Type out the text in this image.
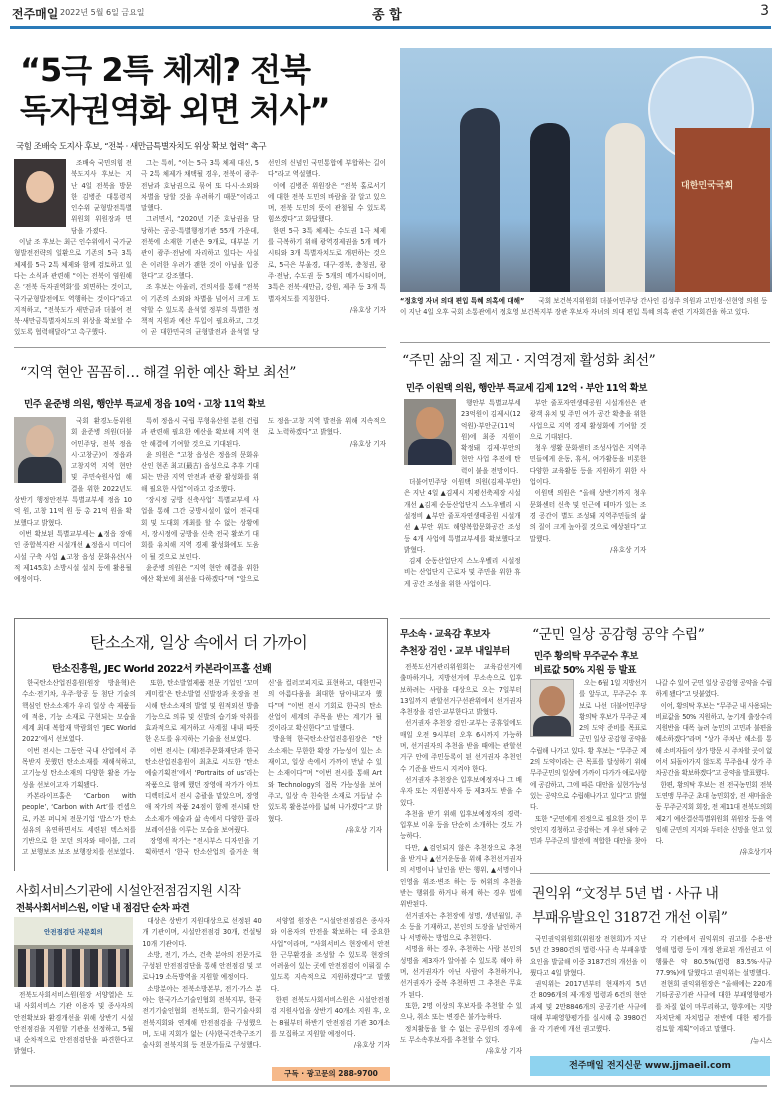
전주매일 2022년 5월 6일 금요일	종 합	3
“5극 2특 체제? 전북
독자권역화 외면 처사”
국힘 조배숙 도지사 후보, “전북 · 새만금특별자치도 위상 확보 협력” 촉구

조배숙 국민의힘 전북도지사 후보는 지난 4일 전북을 방문한 김병준 대통령직인수위 균형발전특별위원회 위원장과 면담을 가졌다.

이날 조 후보는 최근 인수위에서 국가균형발전전략의 일환으로 기존의 5극 3특 체제를 5극 2특 체제와 함께 검토하고 있다는 소식과 관련해 “이는 전북이 염원해온 ‘전북 독자권역화’를 외면하는 것이고, 국가균형발전에도 역행하는 것이다”라고 지적하고, “전북도가 새만금과 더불어 전북·새만금특별자치도의 위상을 확보할 수 있도록 협력해달라”고 촉구했다.

그는 특히, “이는 5극 3특 체제 대신, 5극 2특 체제가 채택될 경우, 전북이 광주·전남과 호남권으로 묶여 또 다시·소외와 차별을 당할 것을 우려하기 때문”이라고 말했다.

그러면서, “2020년 기준 호남권을 담당하는 공공·특별행정기관 55개 가운데, 전북에 소재한 기관은 9개로, 대부분 기관이 광주·전남에 자리하고 있다는 사실은 이러한 우려가 괜한 것이 아님을 입증한다”고 강조했다.

조 후보는 아울러, 건의서를 통해 “전북이 기존의 소외와 차별을 넘어서 크게 도약할 수 있도록 윤석열 정부의 특별한 정책적 지원과 예산 투입이 필요하고, 그것이 곧 대한민국의 균형발전과 윤석열 당선인의 신념인 국민통합에 부합하는 길이다”라고 역설했다.

이에 김병준 위원장은 “전북 홀로서기에 대한 전북 도민의 바람을 잘 알고 있으며, 전북 도민의 뜻이 관철될 수 있도록 힘쓰겠다”고 화답했다.

한편 5극 3특 체제는 수도권 1극 체제를 극복하기 위해 광역경제권을 5개 메가시티와 3개 특별자치도로 개편하는 것으로, 5극은 부울경, 대구·경북, 충청권, 광주·전남, 수도권 등 5개의 메가시티이며, 3특은 전북·새만금, 강원, 제주 등 3개 특별자치도를 지칭한다.

/유호상 기자

대한민국국회
“정호영 자녀 의대 편입 특혜 의혹에 대해” 국회 보건복지위원회 더불어민주당 간사인 김성주 의원과 고민정·신현영 의원 등이 지난 4일 오후 국회 소통관에서 정호영 보건복지부 장관 후보자 자녀의 의대 편입 특혜 의혹 관련 기자회견을 하고 있다.
“지역 현안 꼼꼼히… 해결 위한 예산 확보 최선”
민주 윤준병 의원, 행안부 특교세 정읍 10억 · 고창 11억 확보

국회 환경노동위원회 윤준병 의원(더불어민주당, 전북 정읍시·고창군)이 정읍과 고창지역 지역 현안 및 주민숙원사업 해결을 위한 2022년도 상반기 행정안전부 특별교부세 정읍 10억 원, 고창 11억 원 등 총 21억 원을 확보했다고 밝혔다.

이번 확보된 특별교부세는 ▲정읍 장애인 종합복지관 시설개선 ▲정읍시 미디어 시설 구축 사업 ▲고창 읍성 문화유산(사적 제145호) 소방시설 설치 등에 활용될 예정이다.

특히 정읍시 국립 무형유산원 분원 건립과 관련해 필요한 예산을 확보해 지역 현안 해결에 기여할 것으로 기대된다.

윤 의원은 “고창 읍성은 정읍의 문화유산인 현존 최고(最古) 읍성으로 추후 기대되는 만큼 지역 안전과 관광 활성화를 위해 필요한 사업”이라고 강조했다.

‘장시정 궁방 신축사업’ 특별교부세 사업을 통해 그간 궁방시설이 없어 전국대회 및 도대회 개최를 할 수 없는 상황에서, 장시정에 궁방을 신축 전국 활쏘기 대회를 유치해 지역 경제 활성화에도 도움이 될 것으로 보인다.

윤준병 의원은 “지역 현안 해결을 위한 예산 확보에 최선을 다하겠다”며 “앞으로도 정읍·고창 지역 발전을 위해 지속적으로 노력하겠다”고 밝혔다.

/유호상 기자

“주민 삶의 질 제고 · 지역경제 활성화 최선”
민주 이원택 의원, 행안부 특교세 김제 12억 · 부안 11억 확보

행안부 특별교부세 23억원이 김제시(12억원)·부안군(11억원)에 최종 지원이 확정돼 김제·부안의 현안 사업 추진에 탄력이 붙을 전망이다.

더불어민주당 이원택 의원(김제·부안)은 지난 4일 ▲김제시 지평선축제장 시설개선 ▲김제 순동산업단지 스노우벨리 시설정비 ▲부안 줄포자연생태공원 시설개선 ▲부안 위도 해양복합문화공간 조성 등 4개 사업에 특별교부세를 확보했다고 밝혔다.

김제 순동산업단지 스노우벨리 시설정비는 산업단지 근로자 및 주민을 위한 휴게 공간 조성을 위한 사업이다.

부안 줄포자연생태공원 시설개선은 관광객 유치 및 주민 여가 공간 확충을 위한 사업으로 지역 경제 활성화에 기여할 것으로 기대된다.

청우 생활 문화센터 조성사업은 지역주민들에게 운동, 휴식, 여가활동을 비롯한 다양한 교육활동 등을 지원하기 위한 사업이다.

이원택 의원은 “올해 상반기까지 청우문화센터 신축 및 인근에 테마가 있는 조경 공간이 별도 조성돼 지역주민들의 삶의 질이 크게 높아질 것으로 예상된다”고 말했다.

/유호상 기자

탄소소재, 일상 속에서 더 가까이
탄소진흥원, JEC World 2022서 카본라이프홀 선봬

한국탄소산업진흥원(원장 방윤혁)은 수소·전기차, 우주·항공 등 첨단 기술의 핵심인 탄소소재가 우리 일상 속 제품들에 적용, 기능 소재로 구현되는 모습을 세계 최대 복합재 박람회인 ‘JEC World 2022’에서 선보였다.

이번 전시는 그동안 국내 산업에서 주목받지 못했던 탄소소재를 재해석하고, 고기능성 탄소소재의 다양한 활용 가능성을 선보이고자 기획됐다.

카본라이프홀은 ‘Carbon with people’, ‘Carbon with Art’를 컨셉으로, 카본 퍼니처 전문기업 ‘밥스’가 탄소섬유의 유연하면서도 세련된 텍스처를 기반으로 한 모던 의자와 테이블, 그리고 보행보조 보조 보행장치를 선보였다.

또한, 탄소발열제품 전문 기업인 ‘꼬미케미컬’은 탄소발열 신발장과 옷장을 전시해 탄소소재의 발열 및 원적외선 방출 기능으로 의류 및 신발의 습기와 악취를 효과적으로 제거하고 사계절 내내 따뜻한 온도를 유지하는 기술을 선보였다.

이번 전시는 (재)전주문화재단과 한국탄소산업진흥원이 최초로 시도한 ‘탄소예술기획전’에서 ‘Portraits of us’라는 작품으로 함께 했던 장영애 작가가 아트 디렉터로서 전시 총괄을 맡았으며, 장영애 작가의 작품 24점이 함께 전시돼 탄소소재가 예술과 삶 속에서 다양한 콜라보레이션을 이루는 모습을 보여줬다.

장영애 작가는 “전시부스 디자인을 기획하면서 ‘한국 탄소산업의 즐거운 혁신’을 컬러코피지로 표현하고, 대한민국의 아름다움을 최대한 담아내고자 했다”며 “이번 전시 기회로 한국의 탄소 산업이 세계의 주목을 받는 계기가 될 것이라고 확신한다”고 말했다.

방윤혁 한국탄소산업진흥원장은 “탄소소재는 무한한 확장 가능성이 있는 소재이고, 일상 속에서 가까이 만날 수 있는 소재이다”며 “이번 전시를 통해 Art와 Technology의 접목 가능성을 보여주고, 일상 속 친숙한 소재로 거듭날 수 있도록 활용분야를 넓혀 나가겠다”고 밝혔다.

/유호상 기자

무소속 · 교육감 후보자
추천장 검인 · 교부 내일부터

전북도선거관리위원회는 교육감선거에 출마하거나, 지방선거에 무소속으로 입후보하려는 사람을 대상으로 오는 7일부터 13일까지 관할선거구선관위에서 선거권자 추천장을 검인·교부한다고 밝혔다.

선거권자 추천장 검인·교부는 공휴일에도 매일 오전 9시부터 오후 6시까지 가능하며, 선거권자의 추천을 받을 때에는 관할선거구 안에 주민등록이 된 선거권자 추천인수 기준을 반드시 지켜야 한다.

선거권자 추천장은 입후보예정자나 그 배우자 또는 지원봉사자 등 제3자도 받을 수 있다.

추천을 받기 위해 입후보예정자의 경력·입후보 이유 등을 단순히 소개하는 것도 가능하다.

다만, ▲검인되지 않은 추천장으로 추천을 받거나 ▲선거운동을 위해 추천선거권자의 서명이나 날인을 받는 행위, ▲서명이나 인영을 위조·변조 하는 등 허위의 추천을 받는 행위를 하거나 하게 하는 경우 법에 위반된다.

선거권자는 추천장에 성명, 생년월일, 주소 등을 기재하고, 본인의 도장을 날인하거나 서명하는 방법으로 추천한다.

서명을 하는 경우, 추천하는 사람 본인의 성명을 제3자가 알아볼 수 있도록 해야 하며, 선거권자가 아닌 사람이 추천하거나, 선거권자가 중복 추천하면 그 추천은 무효가 된다.

또한, 2명 이상의 후보자를 추천할 수 있으나, 취소 또는 변경은 불가능하다.

정치활동을 할 수 없는 공무원의 경우에도 무소속후보자를 추천할 수 있다.

/유호상 기자

“군민 일상 공감형 공약 수립”
민주 황의탁 무주군수 후보
비료값 50% 지원 등 발표

오는 6월 1일 지방선거를 앞두고, 무주군수 후보로 나선 더불어민주당 황의탁 후보가 무주군 제2의 도약 준비를 목표로 군민 일상 공감형 공약을 수립해 나가고 있다. 황 후보는 “무주군 제2의 도약이라는 큰 목표를 달성하기 위해 무주군민의 일상에 가까이 다가가 애로사항에 공감하고, 그에 따른 대안을 실현가능성 있는 공약으로 수립해나가고 있다”고 밝혔다.

또한 “군민에게 진정으로 필요한 것이 무엇인지 경청하고 공감하는 게 우선 돼야 군민과 무주군의 발전에 적합한 대안을 찾아나갈 수 있어 군민 일상 공감형 공약을 수립하게 됐다”고 덧붙였다.

이어, 황의탁 후보는 “무주군 내 사용되는 비료값을 50% 지원하고, 농기계 출장수리 지원반을 대폭 늘려 농민의 고민과 불편을 해소하겠다”라며 “상가 주차난 해소를 통해 소비자들이 상가 방문 시 주차할 곳이 없어서 되돌아가지 않도록 무주읍내 상가 주차공간을 확보하겠다”고 공약을 발표했다.

한편, 황의탁 후보는 전 전국농민회 전북도연맹 무주군 초대 농민회장, 전 새마을운동 무주군지회 회장, 전 제11대 전북도의회 제2기 예산결산특별위원회 위원장 등을 역임해 군민의 지지와 두터운 신망을 얻고 있다.

/유호상기자

사회서비스기관에 시설안전점검지원 시작
전북사회서비스원, 이달 내 점검단 순차 파견
안전점검단 자문회의

전북도사회서비스원(원장 서양열)은 도내 사회서비스 기관 이용자 및 종사자의 안전확보와 환경개선을 위해 상반기 시설안전점검을 지원할 기관을 선정하고, 5월 내 순차적으로 안전점검단을 파견한다고 밝혔다.

대상은 상반기 지원대상으로 선정된 40개 기관이며, 시설안전점검 30개, 컨설팅 10개 기관이다.

소방, 전기, 가스, 건축 분야의 전문가로 구성된 안전점검단을 통해 안전점검 및 코로나19 소독방역을 지원할 예정이다.

소방분야는 전북소방본부, 전기·가스 분야는 한국가스기술인협회 전북지부, 한국전기기술인협회 전북도회, 한국기술사회 전북지회와 연계해 안전점검을 구성했으며, 도내 지회가 없는 (사)한국건축구조기술사회 전북지회 등 전문가들로 구성했다.

서양열 원장은 “시설안전점검은 종사자와 이용자의 안전을 확보하는 데 중요한 사업”이라며, “사회서비스 현장에서 안전한 근무환경을 조성할 수 있도록 현장의 어려움이 있는 곳에 안전점검이 이뤄질 수 있도록 지속적으로 지원하겠다”고 말했다.

한편 전북도사회서비스원은 시설안전점검 지원사업을 상반기 40개소 지원 후, 오는 8월부터 하반기 안전점검 기관 30개소를 모집하고 지원할 예정이다.

/유호상 기자

구독 · 광고문의 288-9700
권익위 “文정부 5년 법 · 사규 내
부패유발요인 3187건 개선 이뤄”

국민권익위원회(위원장 전현희)가 지난 5년 간 3980건의 법령·사규 속 부패유발 요인을 발굴해 이중 3187건의 개선을 이뤘다고 4일 밝혔다.

권익위는 2017년부터 현재까지 5년 간 8096개의 제·개정 법령과 6건의 현안과제 및 2만8846개의 공공기관 사규에 대해 부패영향평가를 실시해 총 3980건을 각 기관에 개선 권고했다.

각 기관에서 권익위의 권고를 수용·반영해 법령 등이 개정 완료된 개선권고 이행률은 약 80.5%(법령 83.5%·사규 77.9%)에 달했다고 권익위는 설명했다.

전현희 권익위원장은 “올해에는 220개 기타공공기관 사규에 대한 부패영향평가를 차질 없이 마무리하고, 향후에는 지방자치단체 자치법규 전반에 대한 평가를 검토할 계획”이라고 말했다.

/뉴시스

전주매일 전지신문 www.jjmaeil.com
